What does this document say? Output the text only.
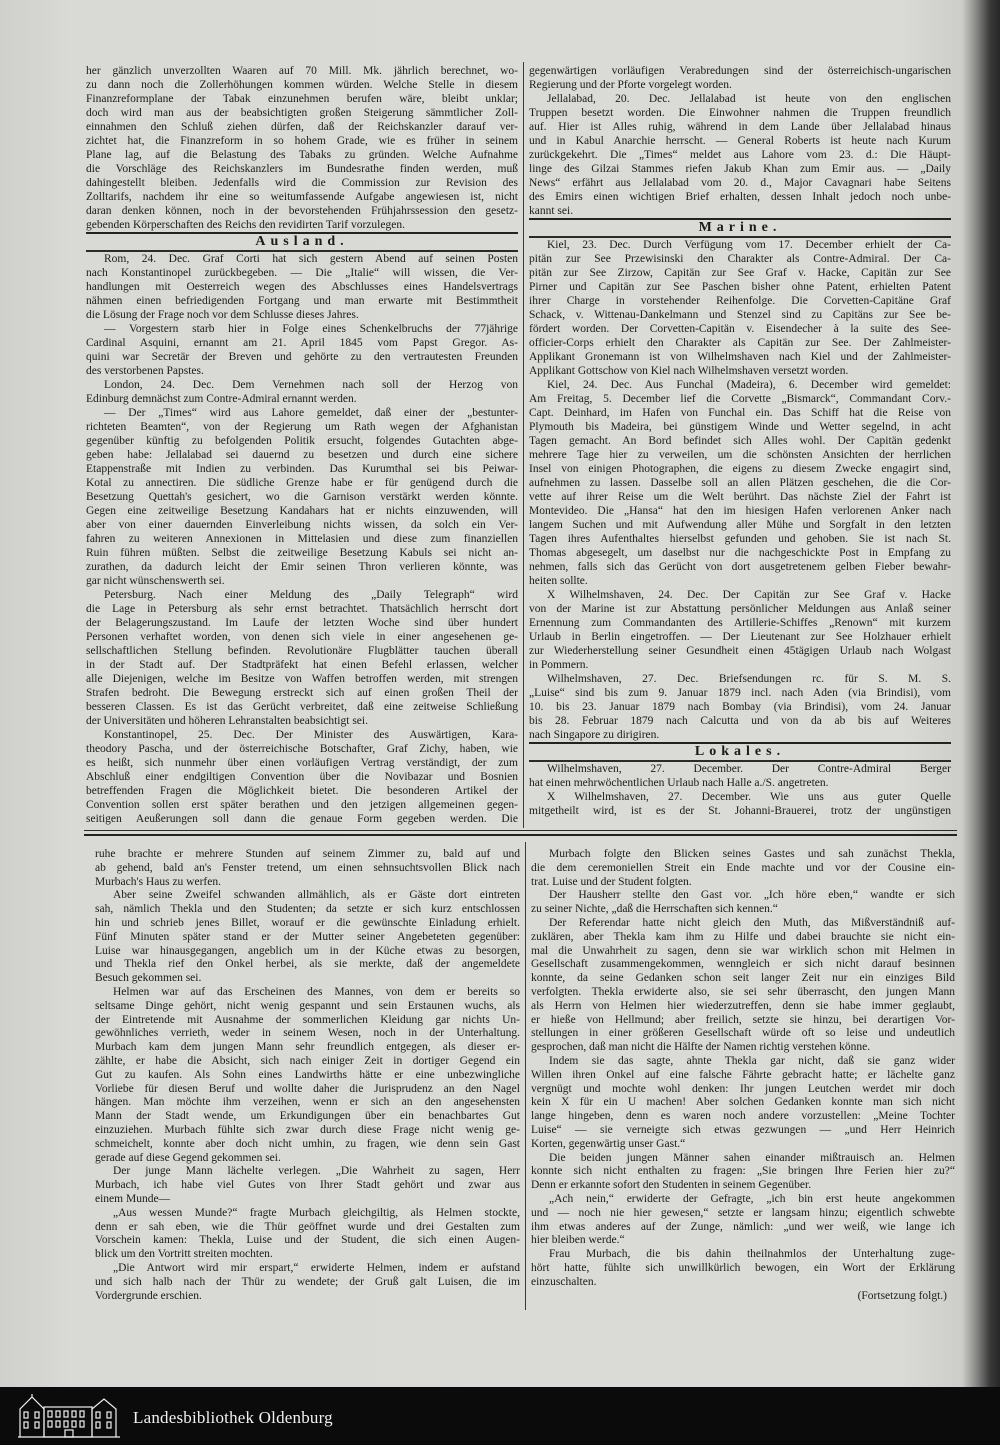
her gänzlich unverzollten Waaren auf 70 Mill. Mk. jährlich berechnet, wo-
zu dann noch die Zollerhöhungen kommen würden. Welche Stelle in diesem
Finanzreformplane der Tabak einzunehmen berufen wäre, bleibt unklar;
doch wird man aus der beabsichtigten großen Steigerung sämmtlicher Zoll-
einnahmen den Schluß ziehen dürfen, daß der Reichskanzler darauf ver-
zichtet hat, die Finanzreform in so hohem Grade, wie es früher in seinem
Plane lag, auf die Belastung des Tabaks zu gründen. Welche Aufnahme
die Vorschläge des Reichskanzlers im Bundesrathe finden werden, muß
dahingestellt bleiben. Jedenfalls wird die Commission zur Revision des
Zolltarifs, nachdem ihr eine so weitumfassende Aufgabe angewiesen ist, nicht
daran denken können, noch in der bevorstehenden Frühjahrssession den gesetz-
gebenden Körperschaften des Reichs den revidirten Tarif vorzulegen.
Ausland.
Rom, 24. Dec. Graf Corti hat sich gestern Abend auf seinen Posten
nach Konstantinopel zurückbegeben. — Die „Italie“ will wissen, die Ver-
handlungen mit Oesterreich wegen des Abschlusses eines Handelsvertrags
nähmen einen befriedigenden Fortgang und man erwarte mit Bestimmtheit
die Lösung der Frage noch vor dem Schlusse dieses Jahres.
— Vorgestern starb hier in Folge eines Schenkelbruchs der 77jährige
Cardinal Asquini, ernannt am 21. April 1845 vom Papst Gregor. As-
quini war Secretär der Breven und gehörte zu den vertrautesten Freunden
des verstorbenen Papstes.
London, 24. Dec. Dem Vernehmen nach soll der Herzog von
Edinburg demnächst zum Contre-Admiral ernannt werden.
— Der „Times“ wird aus Lahore gemeldet, daß einer der „bestunter-
richteten Beamten“, von der Regierung um Rath wegen der Afghanistan
gegenüber künftig zu befolgenden Politik ersucht, folgendes Gutachten abge-
geben habe: Jellalabad sei dauernd zu besetzen und durch eine sichere
Etappenstraße mit Indien zu verbinden. Das Kurumthal sei bis Peiwar-
Kotal zu annectiren. Die südliche Grenze habe er für genügend durch die
Besetzung Quettah's gesichert, wo die Garnison verstärkt werden könnte.
Gegen eine zeitweilige Besetzung Kandahars hat er nichts einzuwenden, will
aber von einer dauernden Einverleibung nichts wissen, da solch ein Ver-
fahren zu weiteren Annexionen in Mittelasien und diese zum finanziellen
Ruin führen müßten. Selbst die zeitweilige Besetzung Kabuls sei nicht an-
zurathen, da dadurch leicht der Emir seinen Thron verlieren könnte, was
gar nicht wünschenswerth sei.
Petersburg. Nach einer Meldung des „Daily Telegraph“ wird
die Lage in Petersburg als sehr ernst betrachtet. Thatsächlich herrscht dort
der Belagerungszustand. Im Laufe der letzten Woche sind über hundert
Personen verhaftet worden, von denen sich viele in einer angesehenen ge-
sellschaftlichen Stellung befinden. Revolutionäre Flugblätter tauchen überall
in der Stadt auf. Der Stadtpräfekt hat einen Befehl erlassen, welcher
alle Diejenigen, welche im Besitze von Waffen betroffen werden, mit strengen
Strafen bedroht. Die Bewegung erstreckt sich auf einen großen Theil der
besseren Classen. Es ist das Gerücht verbreitet, daß eine zeitweise Schließung
der Universitäten und höheren Lehranstalten beabsichtigt sei.
Konstantinopel, 25. Dec. Der Minister des Auswärtigen, Kara-
theodory Pascha, und der österreichische Botschafter, Graf Zichy, haben, wie
es heißt, sich nunmehr über einen vorläufigen Vertrag verständigt, der zum
Abschluß einer endgiltigen Convention über die Novibazar und Bosnien
betreffenden Fragen die Möglichkeit bietet. Die besonderen Artikel der
Convention sollen erst später berathen und den jetzigen allgemeinen gegen-
seitigen Aeußerungen soll dann die genaue Form gegeben werden. Die
gegenwärtigen vorläufigen Verabredungen sind der österreichisch-ungarischen
Regierung und der Pforte vorgelegt worden.
Jellalabad, 20. Dec. Jellalabad ist heute von den englischen
Truppen besetzt worden. Die Einwohner nahmen die Truppen freundlich
auf. Hier ist Alles ruhig, während in dem Lande über Jellalabad hinaus
und in Kabul Anarchie herrscht. — General Roberts ist heute nach Kurum
zurückgekehrt. Die „Times“ meldet aus Lahore vom 23. d.: Die Häupt-
linge des Gilzai Stammes riefen Jakub Khan zum Emir aus. — „Daily
News“ erfährt aus Jellalabad vom 20. d., Major Cavagnari habe Seitens
des Emirs einen wichtigen Brief erhalten, dessen Inhalt jedoch noch unbe-
kannt sei.
Marine.
Kiel, 23. Dec. Durch Verfügung vom 17. December erhielt der Ca-
pitän zur See Przewisinski den Charakter als Contre-Admiral. Der Ca-
pitän zur See Zirzow, Capitän zur See Graf v. Hacke, Capitän zur See
Pirner und Capitän zur See Paschen bisher ohne Patent, erhielten Patent
ihrer Charge in vorstehender Reihenfolge. Die Corvetten-Capitäne Graf
Schack, v. Wittenau-Dankelmann und Stenzel sind zu Capitäns zur See be-
fördert worden. Der Corvetten-Capitän v. Eisendecher à la suite des See-
officier-Corps erhielt den Charakter als Capitän zur See. Der Zahlmeister-
Applikant Gronemann ist von Wilhelmshaven nach Kiel und der Zahlmeister-
Applikant Gottschow von Kiel nach Wilhelmshaven versetzt worden.
Kiel, 24. Dec. Aus Funchal (Madeira), 6. December wird gemeldet:
Am Freitag, 5. December lief die Corvette „Bismarck“, Commandant Corv.-
Capt. Deinhard, im Hafen von Funchal ein. Das Schiff hat die Reise von
Plymouth bis Madeira, bei günstigem Winde und Wetter segelnd, in acht
Tagen gemacht. An Bord befindet sich Alles wohl. Der Capitän gedenkt
mehrere Tage hier zu verweilen, um die schönsten Ansichten der herrlichen
Insel von einigen Photographen, die eigens zu diesem Zwecke engagirt sind,
aufnehmen zu lassen. Dasselbe soll an allen Plätzen geschehen, die die Cor-
vette auf ihrer Reise um die Welt berührt. Das nächste Ziel der Fahrt ist
Montevideo. Die „Hansa“ hat den im hiesigen Hafen verlorenen Anker nach
langem Suchen und mit Aufwendung aller Mühe und Sorgfalt in den letzten
Tagen ihres Aufenthaltes hierselbst gefunden und gehoben. Sie ist nach St.
Thomas abgesegelt, um daselbst nur die nachgeschickte Post in Empfang zu
nehmen, falls sich das Gerücht von dort ausgetretenem gelben Fieber bewahr-
heiten sollte.
X Wilhelmshaven, 24. Dec. Der Capitän zur See Graf v. Hacke
von der Marine ist zur Abstattung persönlicher Meldungen aus Anlaß seiner
Ernennung zum Commandanten des Artillerie-Schiffes „Renown“ mit kurzem
Urlaub in Berlin eingetroffen. — Der Lieutenant zur See Holzhauer erhielt
zur Wiederherstellung seiner Gesundheit einen 45tägigen Urlaub nach Wolgast
in Pommern.
Wilhelmshaven, 27. Dec. Briefsendungen rc. für S. M. S.
„Luise“ sind bis zum 9. Januar 1879 incl. nach Aden (via Brindisi), vom
10. bis 23. Januar 1879 nach Bombay (via Brindisi), vom 24. Januar
bis 28. Februar 1879 nach Calcutta und von da ab bis auf Weiteres
nach Singapore zu dirigiren.
Lokales.
Wilhelmshaven, 27. December. Der Contre-Admiral Berger
hat einen mehrwöchentlichen Urlaub nach Halle a./S. angetreten.
X Wilhelmshaven, 27. December. Wie uns aus guter Quelle
mitgetheilt wird, ist es der St. Johanni-Brauerei, trotz der ungünstigen
ruhe brachte er mehrere Stunden auf seinem Zimmer zu, bald auf und
ab gehend, bald an's Fenster tretend, um einen sehnsuchtsvollen Blick nach
Murbach's Haus zu werfen.
Aber seine Zweifel schwanden allmählich, als er Gäste dort eintreten
sah, nämlich Thekla und den Studenten; da setzte er sich kurz entschlossen
hin und schrieb jenes Billet, worauf er die gewünschte Einladung erhielt.
Fünf Minuten später stand er der Mutter seiner Angebeteten gegenüber:
Luise war hinausgegangen, angeblich um in der Küche etwas zu besorgen,
und Thekla rief den Onkel herbei, als sie merkte, daß der angemeldete
Besuch gekommen sei.
Helmen war auf das Erscheinen des Mannes, von dem er bereits so
seltsame Dinge gehört, nicht wenig gespannt und sein Erstaunen wuchs, als
der Eintretende mit Ausnahme der sommerlichen Kleidung gar nichts Un-
gewöhnliches verrieth, weder in seinem Wesen, noch in der Unterhaltung.
Murbach kam dem jungen Mann sehr freundlich entgegen, als dieser er-
zählte, er habe die Absicht, sich nach einiger Zeit in dortiger Gegend ein
Gut zu kaufen. Als Sohn eines Landwirths hätte er eine unbezwingliche
Vorliebe für diesen Beruf und wollte daher die Jurisprudenz an den Nagel
hängen. Man möchte ihm verzeihen, wenn er sich an den angesehensten
Mann der Stadt wende, um Erkundigungen über ein benachbartes Gut
einzuziehen. Murbach fühlte sich zwar durch diese Frage nicht wenig ge-
schmeichelt, konnte aber doch nicht umhin, zu fragen, wie denn sein Gast
gerade auf diese Gegend gekommen sei.
Der junge Mann lächelte verlegen. „Die Wahrheit zu sagen, Herr
Murbach, ich habe viel Gutes von Ihrer Stadt gehört und zwar aus
einem Munde—
„Aus wessen Munde?“ fragte Murbach gleichgiltig, als Helmen stockte,
denn er sah eben, wie die Thür geöffnet wurde und drei Gestalten zum
Vorschein kamen: Thekla, Luise und der Student, die sich einen Augen-
blick um den Vortritt streiten mochten.
„Die Antwort wird mir erspart,“ erwiderte Helmen, indem er aufstand
und sich halb nach der Thür zu wendete; der Gruß galt Luisen, die im
Vordergrunde erschien.
Murbach folgte den Blicken seines Gastes und sah zunächst Thekla,
die dem ceremoniellen Streit ein Ende machte und vor der Cousine ein-
trat. Luise und der Student folgten.
Der Hausherr stellte den Gast vor. „Ich höre eben,“ wandte er sich
zu seiner Nichte, „daß die Herrschaften sich kennen.“
Der Referendar hatte nicht gleich den Muth, das Mißverständniß auf-
zuklären, aber Thekla kam ihm zu Hilfe und dabei brauchte sie nicht ein-
mal die Unwahrheit zu sagen, denn sie war wirklich schon mit Helmen in
Gesellschaft zusammengekommen, wenngleich er sich nicht darauf besinnen
konnte, da seine Gedanken schon seit langer Zeit nur ein einziges Bild
verfolgten. Thekla erwiderte also, sie sei sehr überrascht, den jungen Mann
als Herrn von Helmen hier wiederzutreffen, denn sie habe immer geglaubt,
er hieße von Hellmund; aber freilich, setzte sie hinzu, bei derartigen Vor-
stellungen in einer größeren Gesellschaft würde oft so leise und undeutlich
gesprochen, daß man nicht die Hälfte der Namen richtig verstehen könne.
Indem sie das sagte, ahnte Thekla gar nicht, daß sie ganz wider
Willen ihren Onkel auf eine falsche Fährte gebracht hatte; er lächelte ganz
vergnügt und mochte wohl denken: Ihr jungen Leutchen werdet mir doch
kein X für ein U machen! Aber solchen Gedanken konnte man sich nicht
lange hingeben, denn es waren noch andere vorzustellen: „Meine Tochter
Luise“ — sie verneigte sich etwas gezwungen — „und Herr Heinrich
Korten, gegenwärtig unser Gast.“
Die beiden jungen Männer sahen einander mißtrauisch an. Helmen
konnte sich nicht enthalten zu fragen: „Sie bringen Ihre Ferien hier zu?“
Denn er erkannte sofort den Studenten in seinem Gegenüber.
„Ach nein,“ erwiderte der Gefragte, „ich bin erst heute angekommen
und — noch nie hier gewesen,“ setzte er langsam hinzu; eigentlich schwebte
ihm etwas anderes auf der Zunge, nämlich: „und wer weiß, wie lange ich
hier bleiben werde.“
Frau Murbach, die bis dahin theilnahmlos der Unterhaltung zuge-
hört hatte, fühlte sich unwillkürlich bewogen, ein Wort der Erklärung
einzuschalten.
(Fortsetzung folgt.)
Landesbibliothek Oldenburg
